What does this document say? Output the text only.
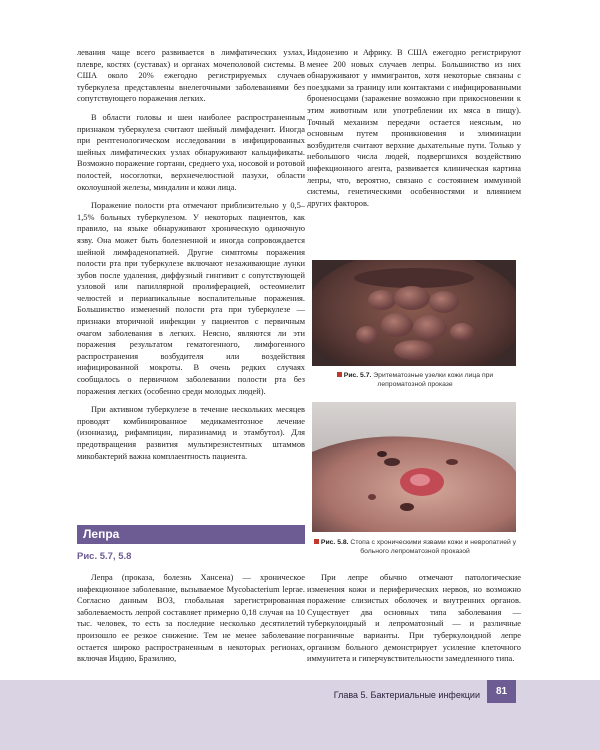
левания чаще всего развивается в лимфатических узлах, плевре, костях (суставах) и органах мочеполовой системы. В США около 20% ежегодно регистрируемых случаев туберкулеза представлены внелегочными заболеваниями без сопутствующего поражения легких.

В области головы и шеи наиболее распространенным признаком туберкулеза считают шейный лимфаденит. Иногда при рентгенологическом исследовании в инфицированных шейных лимфатических узлах обнаруживают кальцификаты. Возможно поражение гортани, среднего уха, носовой и ротовой полостей, носоглотки, верхнечелюстной пазухи, области околоушной железы, миндалин и кожи лица.

Поражение полости рта отмечают приблизительно у 0,5–1,5% больных туберкулезом. У некоторых пациентов, как правило, на языке обнаруживают хроническую одиночную язву. Она может быть болезненной и иногда сопровождается шейной лимфаденопатией. Другие симптомы поражения полости рта при туберкулезе включают незаживающие лунки зубов после удаления, диффузный гингивит с сопутствующей узловой или папиллярной пролиферацией, остеомиелит челюстей и периапикальные воспалительные поражения. Большинство изменений полости рта при туберкулезе — признаки вторичной инфекции у пациентов с первичным очагом заболевания в легких. Неясно, являются ли эти поражения результатом гематогенного, лимфогенного распространения возбудителя или воздействия инфицированной мокроты. В очень редких случаях сообщалось о первичном заболевании полости рта без поражения легких (особенно среди молодых людей).

При активном туберкулезе в течение нескольких месяцев проводят комбинированное медикаментозное лечение (изониазид, рифампицин, пиразинамид и этамбутол). Для предотвращения развития мультирезистентных штаммов микобактерий важна комплаентность пациента.

Лепра
Рис. 5.7, 5.8

Лепра (проказа, болезнь Хансена) — хроническое инфекционное заболевание, вызываемое Mycobacterium leprae. Согласно данным ВОЗ, глобальная зарегистрированная заболеваемость лепрой составляет примерно 0,18 случая на 10 тыс. человек, то есть за последние несколько десятилетий произошло ее резкое снижение. Тем не менее заболевание остается широко распространенным в некоторых регионах, включая Индию, Бразилию,

Индонезию и Африку. В США ежегодно регистрируют менее 200 новых случаев лепры. Большинство из них обнаруживают у иммигрантов, хотя некоторые связаны с поездками за границу или контактами с инфицированными броненосцами (заражение возможно при прикосновении к этим животным или употреблении их мяса в пищу). Точный механизм передачи остается неясным, но основным путем проникновения и элиминации возбудителя считают верхние дыхательные пути. Только у небольшого числа людей, подвергшихся воздействию инфекционного агента, развивается клиническая картина лепры, что, вероятно, связано с состоянием иммунной системы, генетическими особенностями и влиянием других факторов.

Рис. 5.7. Эритематозные узелки кожи лица при лепроматозной проказе
Рис. 5.8. Стопа с хроническими язвами кожи и невропатией у больного лепроматозной проказой

При лепре обычно отмечают патологические изменения кожи и периферических нервов, но возможно поражение слизистых оболочек и внутренних органов. Существует два основных типа заболевания — туберкулоидный и лепроматозный — и различные пограничные варианты. При туберкулоидной лепре организм больного демонстрирует усиление клеточного иммунитета и гиперчувствительности замедленного типа.

Глава 5. Бактериальные инфекции	81
